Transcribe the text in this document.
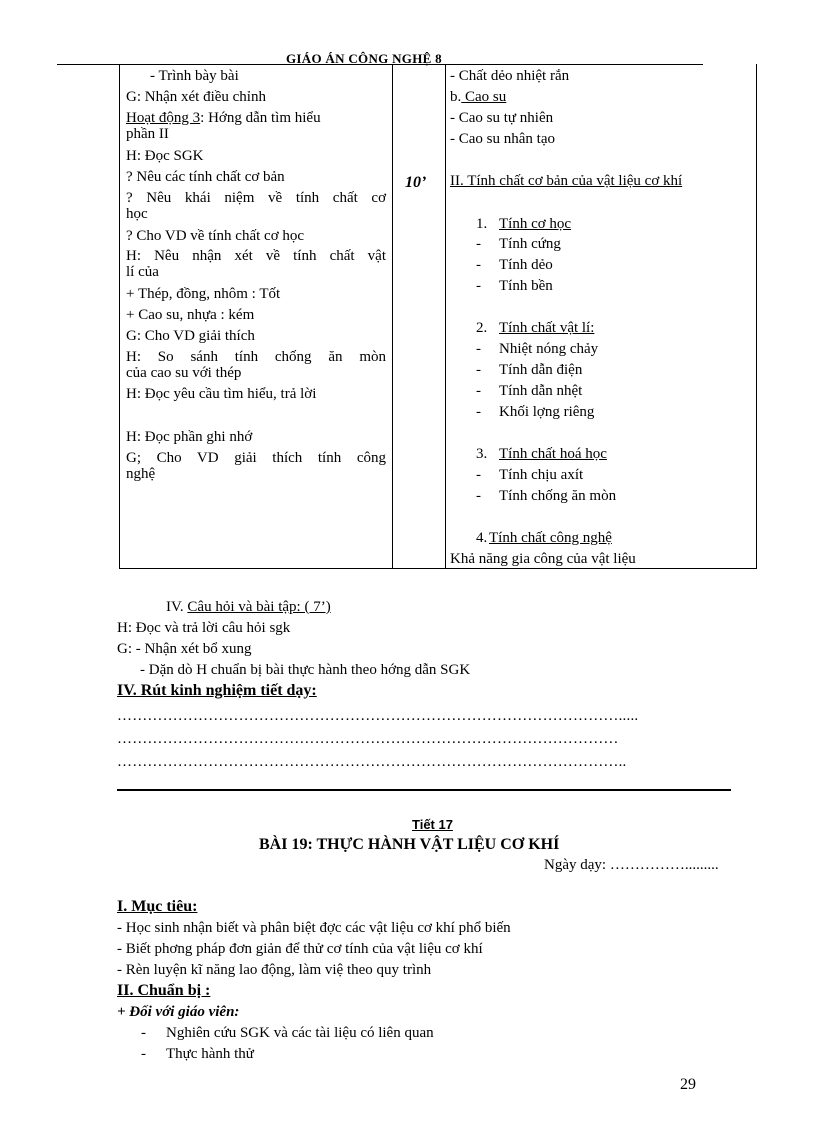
GIÁO ÁN CÔNG NGHỆ 8
- Trình bày bài
G: Nhận xét điều chỉnh
Hoạt động 3: Hớng dẫn tìm hiểu
phần II
H: Đọc SGK
? Nêu các tính chất cơ bản
? Nêu khái niệm về tính chất cơ
học
? Cho VD về tính chất cơ học
H: Nêu nhận xét về tính chất vật
lí của
+ Thép, đồng, nhôm : Tốt
+ Cao su, nhựa : kém
G: Cho VD giải thích
H: So sánh tính chống ăn mòn
của cao su với thép
H: Đọc yêu cầu tìm hiểu, trả lời
H: Đọc phần ghi nhớ
G; Cho VD giải thích tính công
nghệ
10’
- Chất dẻo nhiệt rắn
b. Cao su
- Cao su tự nhiên
- Cao su nhân tạo
II. Tính chất cơ bản của vật liệu cơ khí
1. Tính cơ học
- Tính cứng
- Tính dẻo
- Tính bền
2. Tính chất vật lí:
- Nhiệt nóng chảy
- Tính dẫn điện
- Tính dẫn nhệt
- Khối lợng riêng
3. Tính chất hoá học
- Tính chịu axít
- Tính chống ăn mòn
4. Tính chất công nghệ
Khả năng gia công của vật liệu
IV. Câu hỏi và bài tập: ( 7’)
H: Đọc và trả lời câu hỏi sgk
G: - Nhận xét bổ xung
- Dặn dò H chuẩn bị bài thực hành theo hớng dẫn SGK
IV. Rút kinh nghiệm tiết dạy:
……………………………………………………………………………………….....
………………………………………………………………………………………
………………………………………………………………………………………..
Tiết 17
BÀI 19: THỰC HÀNH VẬT LIỆU CƠ KHÍ
Ngày dạy: …………….........
I. Mục tiêu:
- Học sinh nhận biết và phân biệt đợc các vật liệu cơ khí phổ biến
- Biết phơng pháp đơn giản để thử cơ tính của vật liệu cơ khí
- Rèn luyện kĩ năng lao động, làm việ theo quy trình
II. Chuẩn bị :
+ Đối với giáo viên:
- Nghiên cứu SGK và các tài liệu có liên quan
- Thực hành thử
29
